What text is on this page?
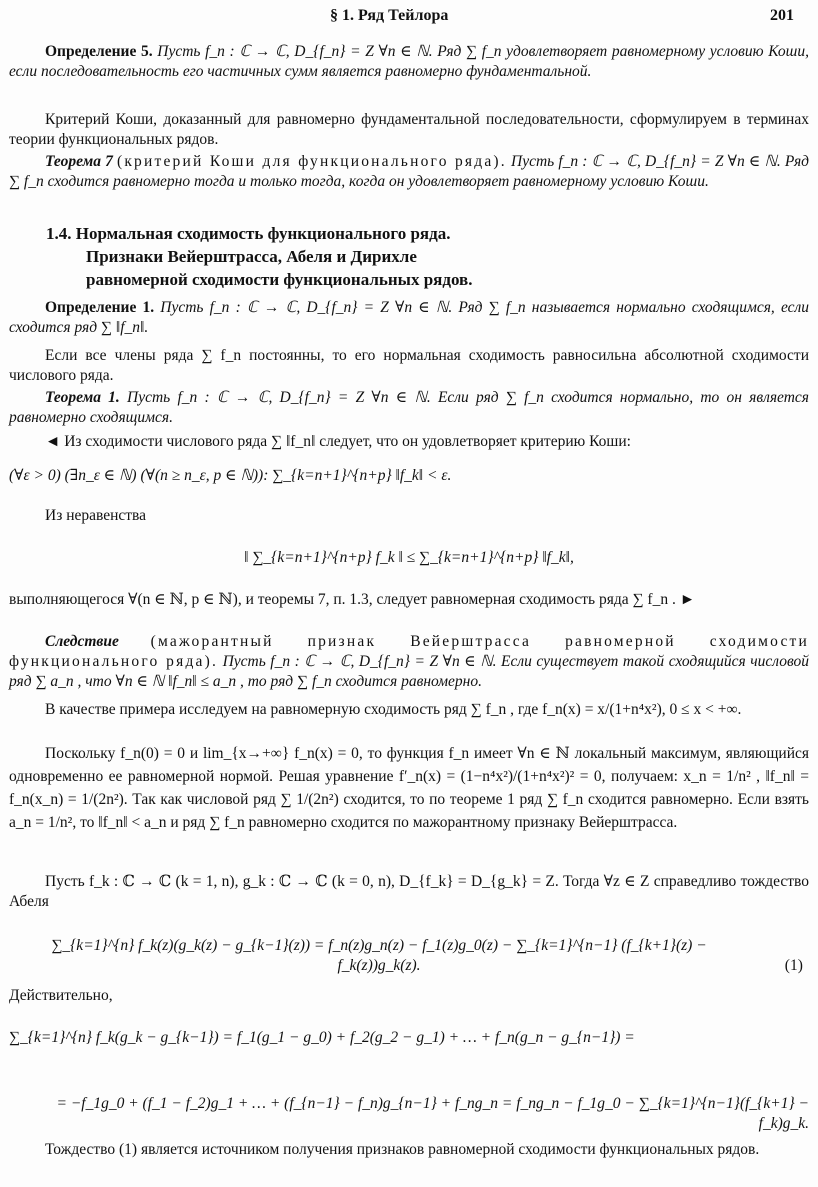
§ 1. Ряд Тейлора	201

Определение 5. Пусть f_n : ℂ → ℂ, D_{f_n} = Z ∀n ∈ ℕ. Ряд ∑ f_n удовлетворяет равномерному условию Коши, если последовательность его частичных сумм является равномерно фундаментальной.

Критерий Коши, доказанный для равномерно фундаментальной последовательности, сформулируем в терминах теории функциональных рядов.

Теорема 7 (критерий Коши для функционального ряда). Пусть f_n : ℂ → ℂ, D_{f_n} = Z ∀n ∈ ℕ. Ряд ∑ f_n сходится равномерно тогда и только тогда, когда он удовлетворяет равномерному условию Коши.

1.4. Нормальная сходимость функционального ряда.
Признаки Вейерштрасса, Абеля и Дирихле
равномерной сходимости функциональных рядов.

Определение 1. Пусть f_n : ℂ → ℂ, D_{f_n} = Z ∀n ∈ ℕ. Ряд ∑ f_n называется нормально сходящимся, если сходится ряд ∑ ‖f_n‖.

Если все члены ряда ∑ f_n постоянны, то его нормальная сходимость равносильна абсолютной сходимости числового ряда.

Теорема 1. Пусть f_n : ℂ → ℂ, D_{f_n} = Z ∀n ∈ ℕ. Если ряд ∑ f_n сходится нормально, то он является равномерно сходящимся.

◄ Из сходимости числового ряда ∑ ‖f_n‖ следует, что он удовлетворяет критерию Коши:

(∀ε > 0) (∃n_ε ∈ ℕ) (∀(n ≥ n_ε, p ∈ ℕ)): ∑_{k=n+1}^{n+p} ‖f_k‖ < ε.

Из неравенства

‖ ∑_{k=n+1}^{n+p} f_k ‖ ≤ ∑_{k=n+1}^{n+p} ‖f_k‖,

выполняющегося ∀(n ∈ ℕ, p ∈ ℕ), и теоремы 7, п. 1.3, следует равномерная сходимость ряда ∑ f_n . ►

Следствие (мажорантный признак Вейерштрасса равномерной сходимости функционального ряда). Пусть f_n : ℂ → ℂ, D_{f_n} = Z ∀n ∈ ℕ. Если существует такой сходящийся числовой ряд ∑ a_n , что ∀n ∈ ℕ ‖f_n‖ ≤ a_n , то ряд ∑ f_n сходится равномерно.

В качестве примера исследуем на равномерную сходимость ряд ∑ f_n , где f_n(x) = x/(1+n⁴x²), 0 ≤ x < +∞.

Поскольку f_n(0) = 0 и lim_{x→+∞} f_n(x) = 0, то функция f_n имеет ∀n ∈ ℕ локальный максимум, являющийся одновременно ее равномерной нормой. Решая уравнение f′_n(x) = (1−n⁴x²)/(1+n⁴x²)² = 0, получаем: x_n = 1/n² , ‖f_n‖ = f_n(x_n) = 1/(2n²). Так как числовой ряд ∑ 1/(2n²) сходится, то по теореме 1 ряд ∑ f_n сходится равномерно. Если взять a_n = 1/n², то ‖f_n‖ < a_n и ряд ∑ f_n равномерно сходится по мажорантному признаку Вейерштрасса.

Пусть f_k : ℂ → ℂ (k = 1, n), g_k : ℂ → ℂ (k = 0, n), D_{f_k} = D_{g_k} = Z. Тогда ∀z ∈ Z справедливо тождество Абеля

∑_{k=1}^{n} f_k(z)(g_k(z) − g_{k−1}(z)) = f_n(z)g_n(z) − f_1(z)g_0(z) − ∑_{k=1}^{n−1} (f_{k+1}(z) − f_k(z))g_k(z).	(1)

Действительно,

∑_{k=1}^{n} f_k(g_k − g_{k−1}) = f_1(g_1 − g_0) + f_2(g_2 − g_1) + … + f_n(g_n − g_{n−1}) =
= −f_1g_0 + (f_1 − f_2)g_1 + … + (f_{n−1} − f_n)g_{n−1} + f_ng_n = f_ng_n − f_1g_0 − ∑_{k=1}^{n−1}(f_{k+1} − f_k)g_k.

Тождество (1) является источником получения признаков равномерной сходимости функциональных рядов.
